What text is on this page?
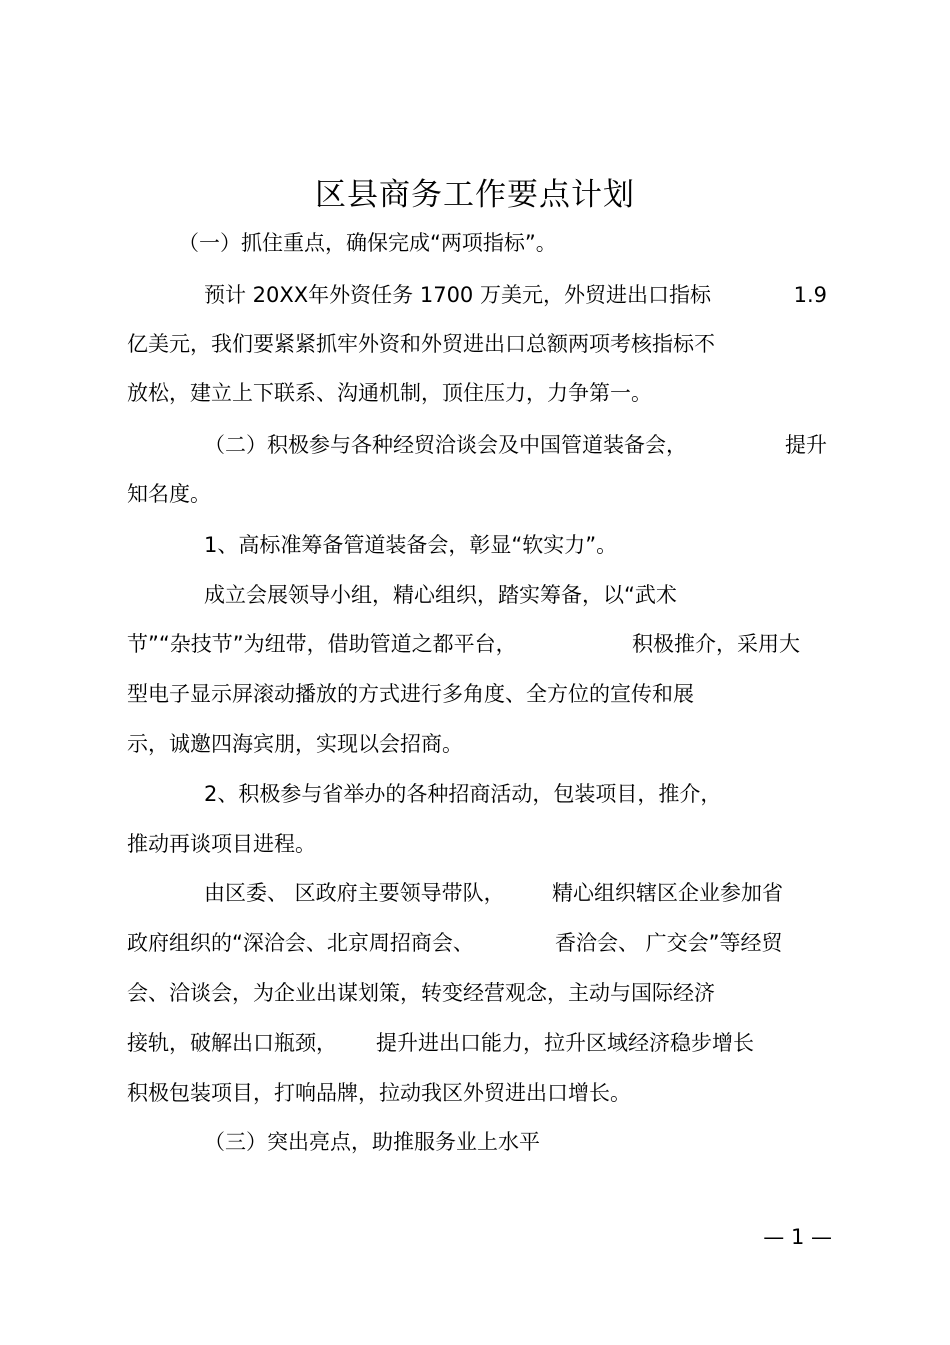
区县商务工作要点计划
（一）抓住重点，确保完成“两项指标”。
预计 20XX年外资任务 1700 万美元，外贸进出口指标	1.9
亿美元，我们要紧紧抓牢外资和外贸进出口总额两项考核指标不
放松，建立上下联系、沟通机制，顶住压力，力争第一。
（二）积极参与各种经贸洽谈会及中国管道装备会，	提升
知名度。
1、高标准筹备管道装备会，彰显“软实力”。
成立会展领导小组，精心组织，踏实筹备，以“武术
节”“杂技节”为纽带，借助管道之都平台，	积极推介，采用大
型电子显示屏滚动播放的方式进行多角度、全方位的宣传和展
示，诚邀四海宾朋，实现以会招商。
2、积极参与省举办的各种招商活动，包装项目，推介，
推动再谈项目进程。
由区委、 区政府主要领导带队， 精心组织辖区企业参加省
政府组织的“深洽会、北京周招商会、	香洽会、 广交会”等经贸
会、洽谈会，为企业出谋划策，转变经营观念，主动与国际经济
接轨，破解出口瓶颈， 提升进出口能力，拉升区域经济稳步增长
积极包装项目，打响品牌，拉动我区外贸进出口增长。
（三）突出亮点，助推服务业上水平
— 1 —
